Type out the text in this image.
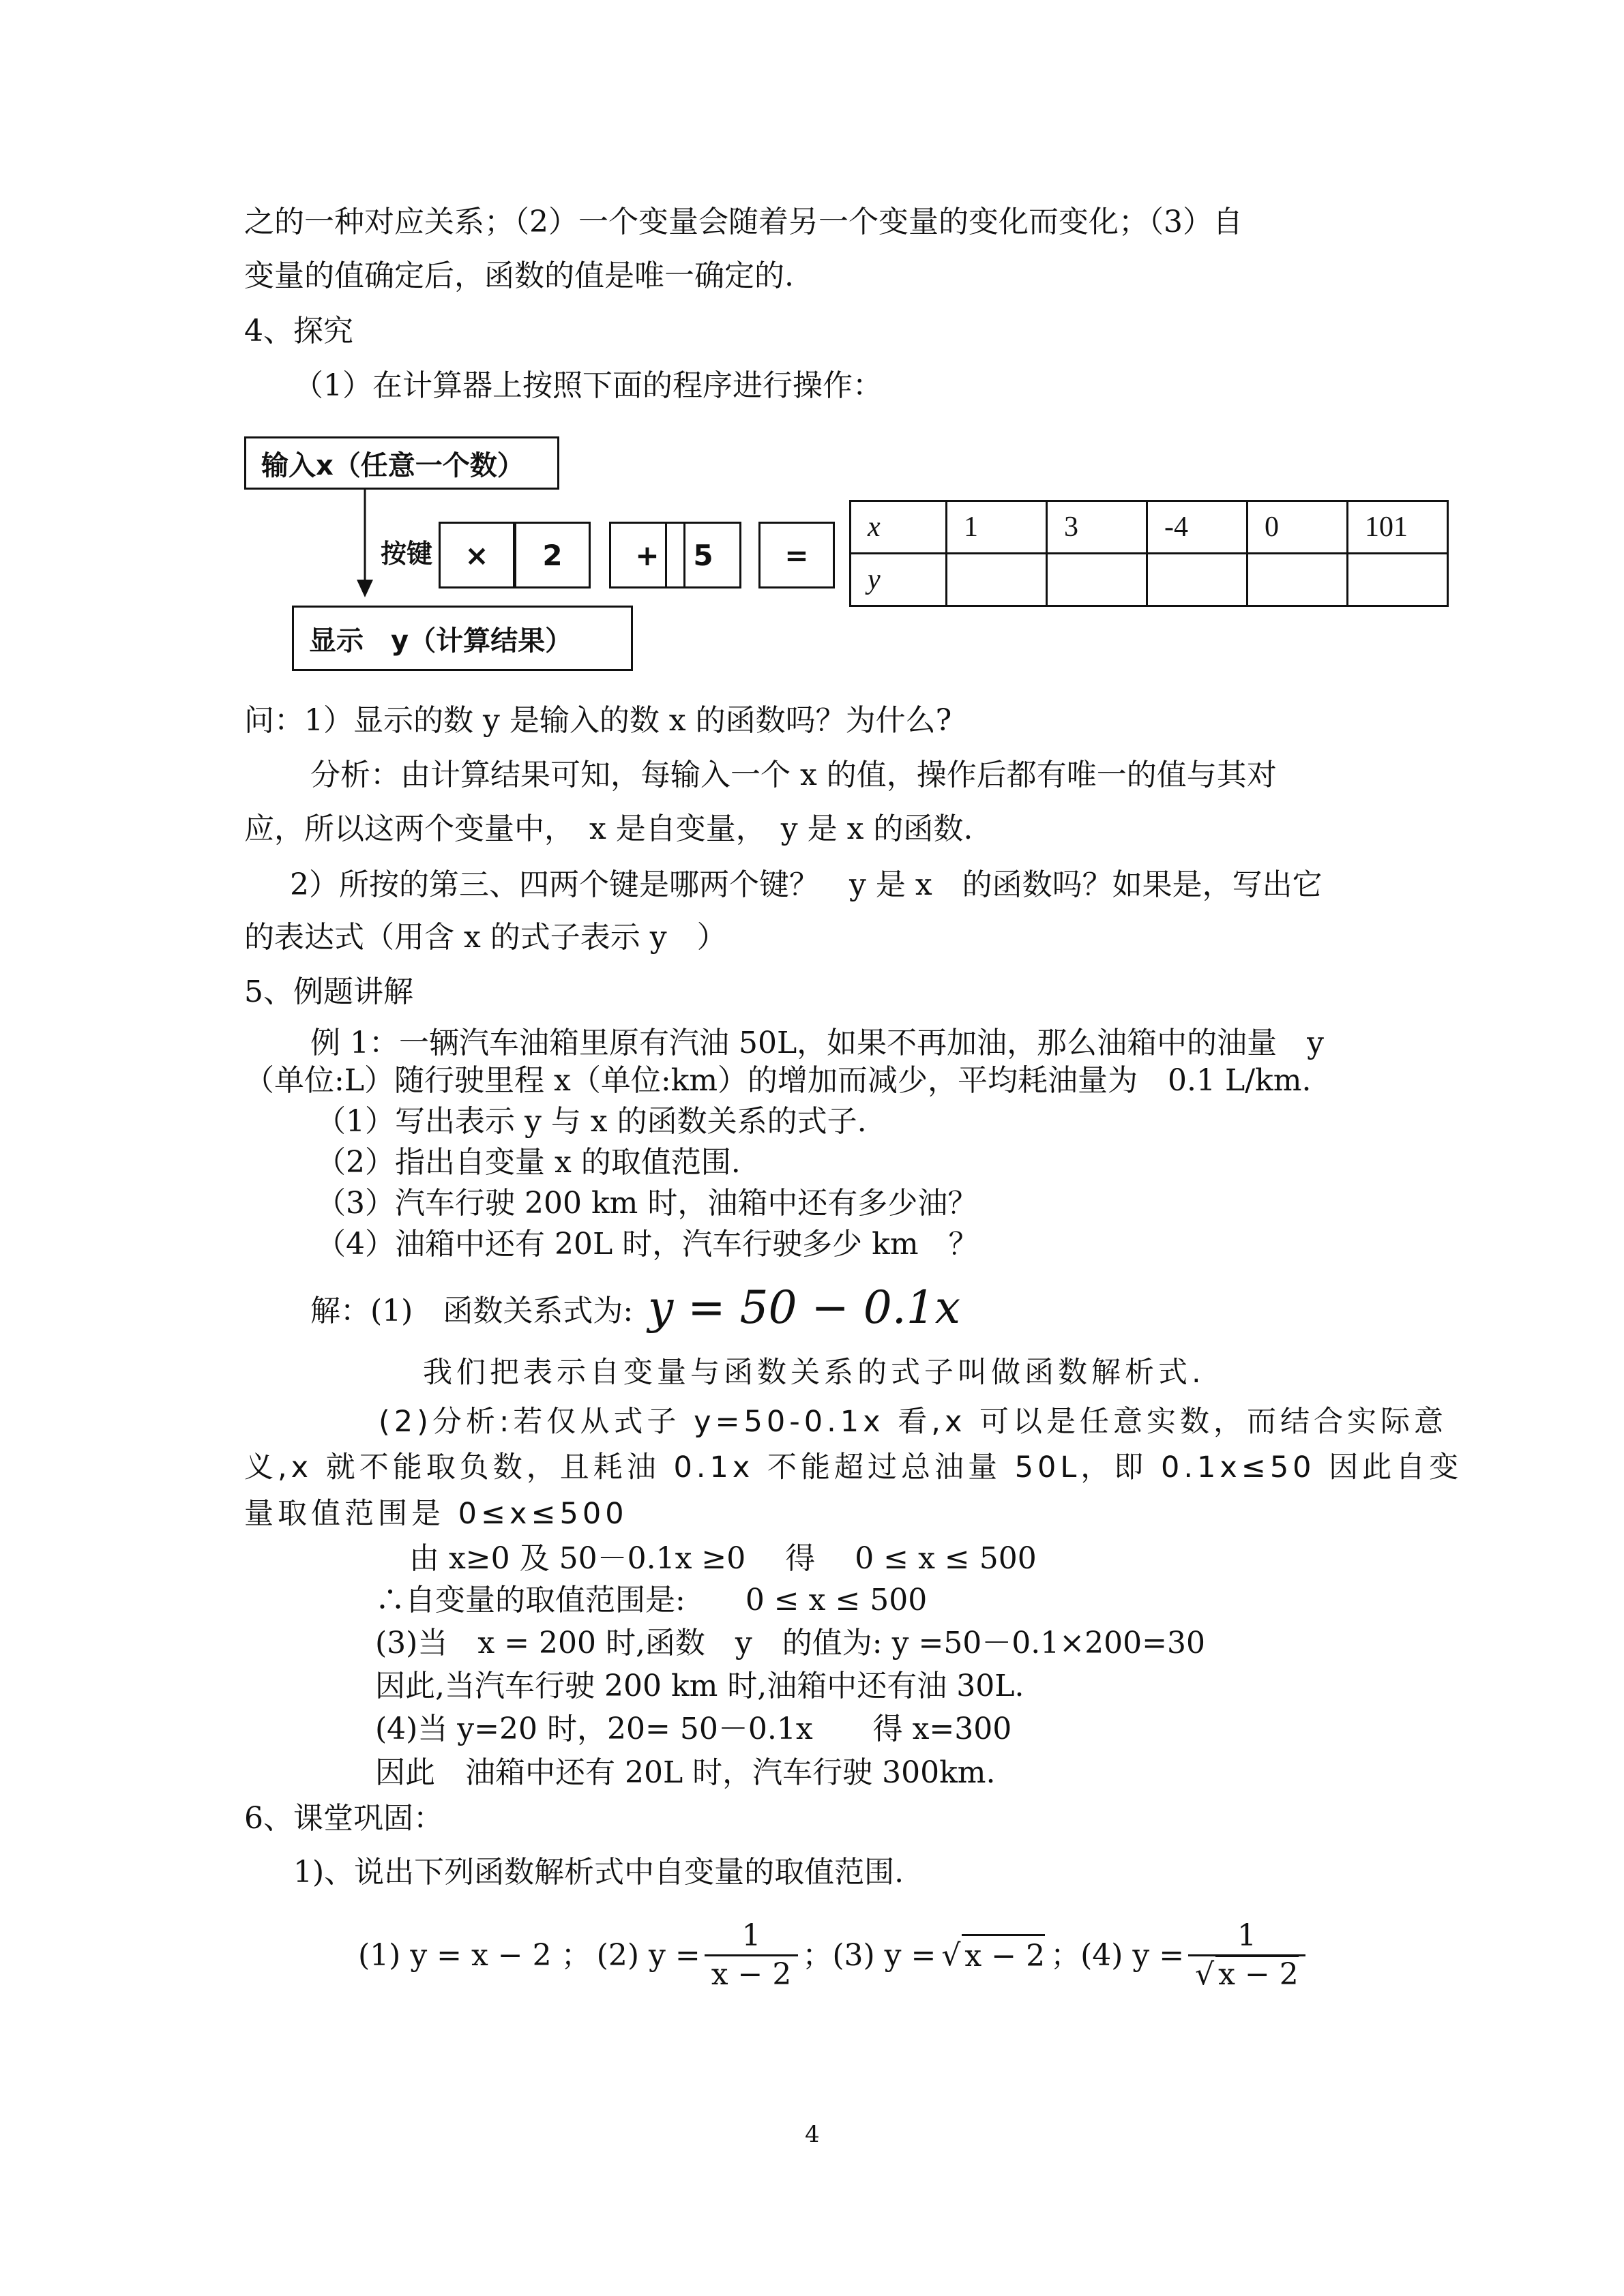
之的一种对应关系；（2）一个变量会随着另一个变量的变化而变化；（3）自
变量的值确定后，函数的值是唯一确定的.
4、探究
（1）在计算器上按照下面的程序进行操作：
输入x（任意一个数）
按键	×	2	+	5	=
显示　y（计算结果）
x	1	3	-4	0	101
y					
问：1）显示的数 y 是输入的数 x 的函数吗？为什么?
分析：由计算结果可知，每输入一个 x 的值，操作后都有唯一的值与其对
应，所以这两个变量中，　x 是自变量，　y 是 x 的函数.
2）所按的第三、四两个键是哪两个键？　y 是 x　的函数吗？如果是，写出它
的表达式（用含 x 的式子表示 y　）
5、例题讲解
例 1：一辆汽车油箱里原有汽油 50L，如果不再加油，那么油箱中的油量　y
（单位:L）随行驶里程 x（单位:km）的增加而减少，平均耗油量为　0.1 L/km.
（1）写出表示 y 与 x 的函数关系的式子.
（2）指出自变量 x 的取值范围.
（3）汽车行驶 200 km 时，油箱中还有多少油？
（4）油箱中还有 20L 时，汽车行驶多少 km　？
解：(1)　函数关系式为: y = 50 − 0.1x
我们把表示自变量与函数关系的式子叫做函数解析式.
(2)分析:若仅从式子 y=50-0.1x 看,x 可以是任意实数，而结合实际意
义,x 就不能取负数，且耗油 0.1x 不能超过总油量 50L，即 0.1x≤50 因此自变
量取值范围是 0≤x≤500
由 x≥0 及 50－0.1x ≥0　 得　 0 ≤ x ≤ 500
∴自变量的取值范围是:　　0 ≤ x ≤ 500
(3)当　x = 200 时,函数　y　的值为: y =50－0.1×200=30
因此,当汽车行驶 200 km 时,油箱中还有油 30L.
(4)当 y=20 时，20= 50－0.1x　　得 x=300
因此　油箱中还有 20L 时，汽车行驶 300km.
6、课堂巩固：
1)、说出下列函数解析式中自变量的取值范围.
(1) y = x − 2 ； (2) $y = \frac{1}{x - 2}$ ；(3) y = √ x − 2 ；(4) $y = \frac{1}{√ x - 2}$
4
